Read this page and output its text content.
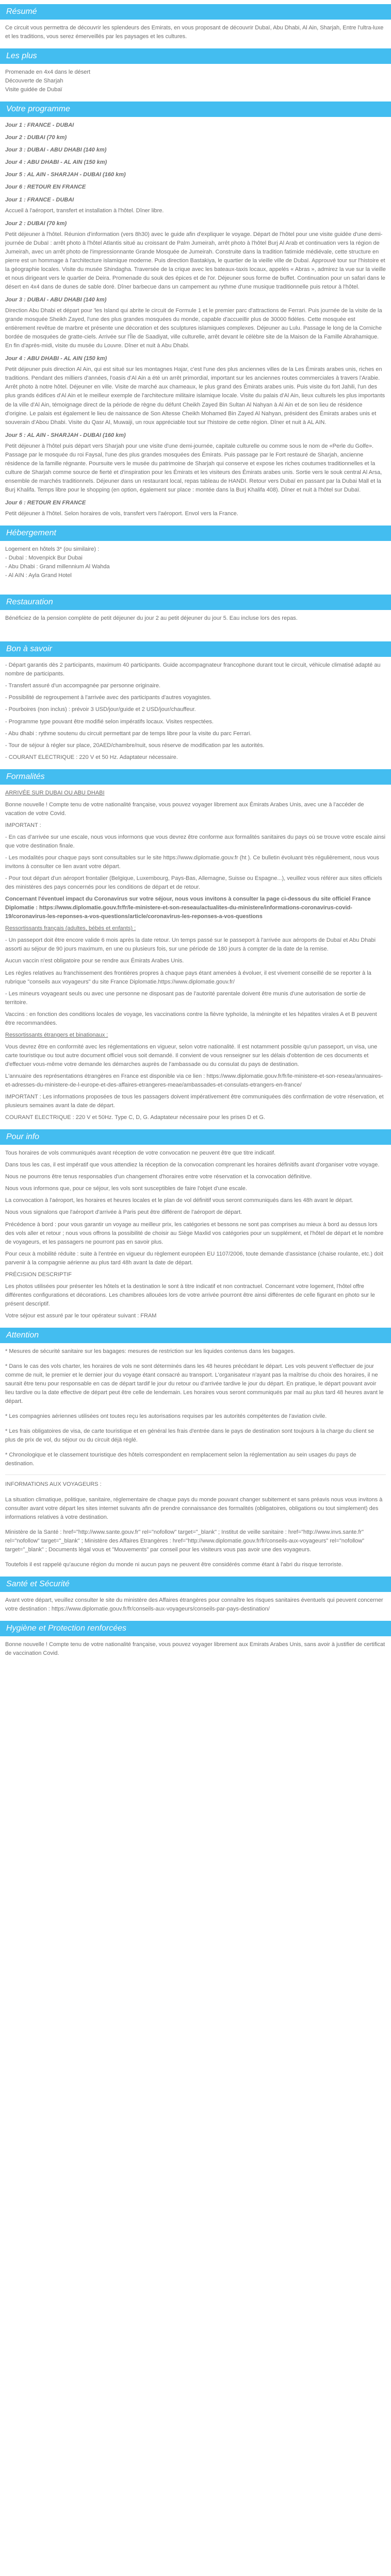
Résumé

Ce circuit vous permettra de découvrir les splendeurs des Emirats, en vous proposant de découvrir Dubaï, Abu Dhabi, Al Ain, Sharjah, Entre l'ultra-luxe et les traditions, vous serez émerveillés par les paysages et les cultures.

Les plus

Promenade en 4x4 dans le désert

Découverte de Sharjah

Visite guidée de Dubaï

Votre programme
Jour 1 : FRANCE - DUBAI
Jour 2 : DUBAI (70 km)
Jour 3 : DUBAI - ABU DHABI (140 km)
Jour 4 : ABU DHABI - AL AIN (150 km)
Jour 5 : AL AIN - SHARJAH - DUBAI (160 km)
Jour 6 : RETOUR EN FRANCE
Jour 1 : FRANCE - DUBAI

Accueil à l'aéroport, transfert et installation à l'hôtel. Dîner libre.

Jour 2 : DUBAI (70 km)

Petit déjeuner à l'hôtel. Réunion d'information (vers 8h30) avec le guide afin d'expliquer le voyage. Départ de l'hôtel pour une visite guidée d'une demi-journée de Dubaï : arrêt photo à l'hôtel Atlantis situé au croissant de Palm Jumeirah, arrêt photo à l'hôtel Burj Al Arab et continuation vers la région de Jumeirah, avec un arrêt photo de l'impressionnante Grande Mosquée de Jumeirah. Construite dans la tradition fatimide médiévale, cette structure en pierre est un hommage à l'architecture islamique moderne. Puis direction Bastakiya, le quartier de la vieille ville de Dubaï. Approuvé tour sur l'histoire et la géographie locales. Visite du musée Shindagha. Traversée de la crique avec les bateaux-taxis locaux, appelés « Abras », admirez la vue sur la vieille et nous dirigeant vers le quartier de Deira. Promenade du souk des épices et de l'or. Déjeuner sous forme de buffet. Continuation pour un safari dans le désert en 4x4 dans de dunes de sable doré. Dîner barbecue dans un campement au rythme d'une musique traditionnelle puis retour à l'hôtel.

Jour 3 : DUBAI - ABU DHABI (140 km)

Direction Abu Dhabi et départ pour 'les Island qui abrite le circuit de Formule 1 et le premier parc d'attractions de Ferrari. Puis journée de la visite de la grande mosquée Sheikh Zayed, l'une des plus grandes mosquées du monde, capable d'accueillir plus de 30000 fidèles. Cette mosquée est entièrement revêtue de marbre et présente une décoration et des sculptures islamiques complexes. Déjeuner au Lulu. Passage le long de la Corniche bordée de mosquées de gratte-ciels. Arrivée sur l'Île de Saadiyat, ville culturelle, arrêt devant le célèbre site de la Maison de la Famille Abrahamique. En fin d'après-midi, visite du musée du Louvre. Dîner et nuit à Abu Dhabi.

Jour 4 : ABU DHABI - AL AIN (150 km)

Petit déjeuner puis direction Al Ain, qui est situé sur les montagnes Hajar, c'est l'une des plus anciennes villes de la Les Émirats arabes unis, riches en traditions. Pendant des milliers d'années, l'oasis d'Al Ain a été un arrêt primordial, important sur les anciennes routes commerciales à travers l'Arabie. Arrêt photo à notre hôtel. Déjeuner en ville. Visite de marché aux chameaux, le plus grand des Émirats arabes unis. Puis visite du fort Jahili, l'un des plus grands édifices d'Al Ain et le meilleur exemple de l'architecture militaire islamique locale. Visite du palais d'Al Ain, lieux culturels les plus importants de la ville d'Al Ain, témoignage direct de la période de règne du défunt Cheikh Zayed Bin Sultan Al Nahyan à Al Ain et de son lieu de résidence d'origine. Le palais est également le lieu de naissance de Son Altesse Cheikh Mohamed Bin Zayed Al Nahyan, président des Émirats arabes unis et souverain d'Abou Dhabi. Visite du Qasr Al, Muwaiji, un roux appréciable tout sur l'histoire de cette région. Dîner et nuit à AL AIN.

Jour 5 : AL AIN - SHARJAH - DUBAI (160 km)

Petit déjeuner à l'hôtel puis départ vers Sharjah pour une visite d'une demi-journée, capitale culturelle ou comme sous le nom de «Perle du Golfe». Passage par le mosquée du roi Faysal, l'une des plus grandes mosquées des Émirats. Puis passage par le Fort restauré de Sharjah, ancienne résidence de la famille régnante. Poursuite vers le musée du patrimoine de Sharjah qui conserve et expose les riches coutumes traditionnelles et la culture de Sharjah comme source de fierté et d'inspiration pour les Émirats et les visiteurs des Émirats arabes unis. Sortie vers le souk central Al Arsa, ensemble de marchés traditionnels. Déjeuner dans un restaurant local, repas tableau de HANDI. Retour vers Dubaï en passant par la Dubai Mall et la Burj Khalifa. Temps libre pour le shopping (en option, également sur place : montée dans la Burj Khalifa 408). Dîner et nuit à l'hôtel sur Dubaï.

Jour 6 : RETOUR EN FRANCE

Petit déjeuner à l'hôtel. Selon horaires de vols, transfert vers l'aéroport. Envol vers la France.

Hébergement

Logement en hôtels 3* (ou similaire) :

- Dubaï : Movenpick Bur Dubai

- Abu Dhabi : Grand millennium Al Wahda

- Al AIN : Ayla Grand Hotel

Restauration

Bénéficiez de la pension complète de petit déjeuner du jour 2 au petit déjeuner du jour 5. Eau incluse lors des repas.

Bon à savoir

- Départ garantis dès 2 participants, maximum 40 participants. Guide accompagnateur francophone durant tout le circuit, véhicule climatisé adapté au nombre de participants.

- Transfert assuré d'un accompagnée par personne originaire.

- Possibilité de regroupement à l'arrivée avec des participants d'autres voyagistes.

- Pourboires (non inclus) : prévoir 3 USD/jour/guide et 2 USD/jour/chauffeur.

- Programme type pouvant être modifié selon impératifs locaux. Visites respectées.

- Abu dhabi : rythme soutenu du circuit permettant par de temps libre pour la visite du parc Ferrari.

- Tour de séjour à régler sur place, 20AED/chambre/nuit, sous réserve de modification par les autorités.

- COURANT ELECTRIQUE : 220 V et 50 Hz. Adaptateur nécessaire.

Formalités

ARRIVÉE SUR DUBAI OU ABU DHABI

Bonne nouvelle ! Compte tenu de votre nationalité française, vous pouvez voyager librement aux Émirats Arabes Unis, avec une à l'accéder de vacation de votre Covid.

IMPORTANT :

- En cas d'arrivée sur une escale, nous vous informons que vous devrez être conforme aux formalités sanitaires du pays où se trouve votre escale ainsi que votre destination finale.

- Les modalités pour chaque pays sont consultables sur le site https://www.diplomatie.gouv.fr (ht ). Ce bulletin évoluant très régulièrement, nous vous invitons à consulter ce lien avant votre départ.

- Pour tout départ d'un aéroport frontalier (Belgique, Luxembourg, Pays-Bas, Allemagne, Suisse ou Espagne...), veuillez vous référer aux sites officiels des ministères des pays concernés pour les conditions de départ et de retour.

Concernant l'éventuel impact du Coronavirus sur votre séjour, nous vous invitons à consulter la page ci-dessous du site officiel France Diplomatie : https://www.diplomatie.gouv.fr/fr/le-ministere-et-son-reseau/actualites-du-ministere/informations-coronavirus-covid-19/coronavirus-les-reponses-a-vos-questions/article/coronavirus-les-reponses-a-vos-questions

Ressortissants français (adultes, bébés et enfants) :

- Un passeport doit être encore valide 6 mois après la date retour. Un temps passé sur le passeport à l'arrivée aux aéroports de Dubaï et Abu Dhabi assorti au séjour de 90 jours maximum, en une ou plusieurs fois, sur une période de 180 jours à compter de la date de la remise.

Aucun vaccin n'est obligatoire pour se rendre aux Émirats Arabes Unis.

Les règles relatives au franchissement des frontières propres à chaque pays étant amenées à évoluer, il est vivement conseillé de se reporter à la rubrique "conseils aux voyageurs" du site France Diplomatie.https://www.diplomatie.gouv.fr/

- Les mineurs voyageant seuls ou avec une personne ne disposant pas de l'autorité parentale doivent être munis d'une autorisation de sortie de territoire.

Vaccins : en fonction des conditions locales de voyage, les vaccinations contre la fièvre typhoïde, la méningite et les hépatites virales A et B peuvent être recommandées.

Ressortissants étrangers et binationaux :

Vous devrez être en conformité avec les réglementations en vigueur, selon votre nationalité. Il est notamment possible qu'un passeport, un visa, une carte touristique ou tout autre document officiel vous soit demandé. Il convient de vous renseigner sur les délais d'obtention de ces documents et d'effectuer vous-même votre demande les démarches auprès de l'ambassade ou du consulat du pays de destination.

L'annuaire des représentations étrangères en France est disponible via ce lien : https://www.diplomatie.gouv.fr/fr/le-ministere-et-son-reseau/annuaires-et-adresses-du-ministere-de-l-europe-et-des-affaires-etrangeres-meae/ambassades-et-consulats-etrangers-en-france/

IMPORTANT : Les informations proposées de tous les passagers doivent impérativement être communiquées dès confirmation de votre réservation, et plusieurs semaines avant la date de départ.

COURANT ELECTRIQUE : 220 V et 50Hz. Type C, D, G. Adaptateur nécessaire pour les prises D et G.

Pour info

Tous horaires de vols communiqués avant réception de votre convocation ne peuvent être que titre indicatif.

Dans tous les cas, il est impératif que vous attendiez la réception de la convocation comprenant les horaires définitifs avant d'organiser votre voyage.

Nous ne pourrons être tenus responsables d'un changement d'horaires entre votre réservation et la convocation définitive.

Nous vous informons que, pour ce séjour, les vols sont susceptibles de faire l'objet d'une escale.

La convocation à l'aéroport, les horaires et heures locales et le plan de vol définitif vous seront communiqués dans les 48h avant le départ.

Nous vous signalons que l'aéroport d'arrivée à Paris peut être différent de l'aéroport de départ.

Précédence à bord : pour vous garantir un voyage au meilleur prix, les catégories et bessons ne sont pas comprises au mieux à bord au dessus lors des vols aller et retour ; nous vous offrons la possibilité de choisir au Siège Maxlid vos catégories pour un supplément, et l'hôtel de départ et le nombre de voyageurs, et les passagers ne pourront pas en savoir plus.

Pour ceux à mobilité réduite : suite à l'entrée en vigueur du règlement européen EU 1107/2006, toute demande d'assistance (chaise roulante, etc.) doit parvenir à la compagnie aérienne au plus tard 48h avant la date de départ.

PRÉCISION DESCRIPTIF

Les photos utilisées pour présenter les hôtels et la destination le sont à titre indicatif et non contractuel. Concernant votre logement, l'hôtel offre différentes configurations et décorations. Les chambres allouées lors de votre arrivée pourront être ainsi différentes de celle figurant en photo sur le présent descriptif.

Votre séjour est assuré par le tour opérateur suivant : FRAM

Attention

* Mesures de sécurité sanitaire sur les bagages: mesures de restriction sur les liquides contenus dans les bagages.

* Dans le cas des vols charter, les horaires de vols ne sont déterminés dans les 48 heures précédant le départ. Les vols peuvent s'effectuer de jour comme de nuit, le premier et le dernier jour du voyage étant consacré au transport. L'organisateur n'ayant pas la maîtrise du choix des horaires, il ne saurait être tenu pour responsable en cas de départ tardif le jour du retour ou d'arrivée tardive le jour du départ. En pratique, le départ pouvant avoir lieu tardive ou la date effective de départ peut être celle de lendemain. Les horaires vous seront communiqués par mail au plus tard 48 heures avant le départ.

* Les compagnies aériennes utilisées ont toutes reçu les autorisations requises par les autorités compétentes de l'aviation civile.

* Les frais obligatoires de visa, de carte touristique et en général les frais d'entrée dans le pays de destination sont toujours à la charge du client se plus de prix de vol, du séjour ou du circuit déjà réglé.

* Chronologique et le classement touristique des hôtels correspondent en remplacement selon la réglementation au sein usages du pays de destination.

INFORMATIONS AUX VOYAGEURS :

La situation climatique, politique, sanitaire, réglementaire de chaque pays du monde pouvant changer subitement et sans préavis nous vous invitons à consulter avant votre départ les sites internet suivants afin de prendre connaissance des formalités (obligatoires, obligations ou tout simplement) des informations relatives à votre destination.

Ministère de la Santé : href="http://www.sante.gouv.fr" rel="nofollow" target="_blank" ; Institut de veille sanitaire : href="http://www.invs.sante.fr" rel="nofollow" target="_blank" ; Ministère des Affaires Etrangères : href="http://www.diplomatie.gouv.fr/fr/conseils-aux-voyageurs" rel="nofollow" target="_blank" ; Documents légal vous et "Mouvements" par conseil pour les visiteurs vous pas avoir une des voyageurs.

Toutefois il est rappelé qu'aucune région du monde ni aucun pays ne peuvent être considérés comme étant à l'abri du risque terroriste.

Santé et Sécurité

Avant votre départ, veuillez consulter le site du ministère des Affaires étrangères pour connaître les risques sanitaires éventuels qui peuvent concerner votre destination : https://www.diplomatie.gouv.fr/fr/conseils-aux-voyageurs/conseils-par-pays-destination/

Hygiène et Protection renforcées

Bonne nouvelle ! Compte tenu de votre nationalité française, vous pouvez voyager librement aux Emirats Arabes Unis, sans avoir à justifier de certificat de vaccination Covid.
